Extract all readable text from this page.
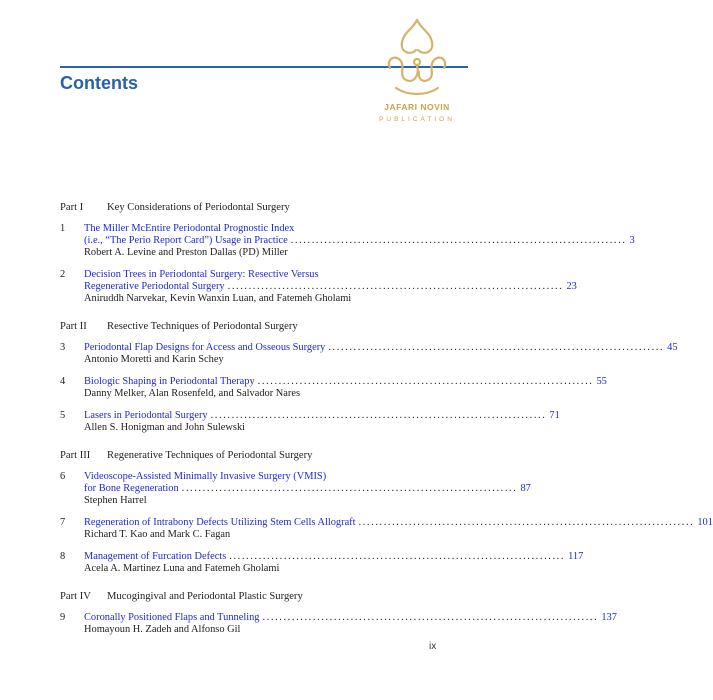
Contents
JAFARI NOVIN
PUBLICATION
Part I Key Considerations of Periodontal Surgery
1 The Miller McEntire Periodontal Prognostic Index
(i.e., “The Perio Report Card”) Usage in Practice ................................................................................ 3
Robert A. Levine and Preston Dallas (PD) Miller
2 Decision Trees in Periodontal Surgery: Resective Versus
Regenerative Periodontal Surgery ................................................................................ 23
Aniruddh Narvekar, Kevin Wanxin Luan, and Fatemeh Gholami
Part II Resective Techniques of Periodontal Surgery
3 Periodontal Flap Designs for Access and Osseous Surgery ................................................................................ 45
Antonio Moretti and Karin Schey
4 Biologic Shaping in Periodontal Therapy ................................................................................ 55
Danny Melker, Alan Rosenfeld, and Salvador Nares
5 Lasers in Periodontal Surgery ................................................................................ 71
Allen S. Honigman and John Sulewski
Part III Regenerative Techniques of Periodontal Surgery
6 Videoscope-Assisted Minimally Invasive Surgery (VMIS)
for Bone Regeneration ................................................................................ 87
Stephen Harrel
7 Regeneration of Intrabony Defects Utilizing Stem Cells Allograft ................................................................................ 101
Richard T. Kao and Mark C. Fagan
8 Management of Furcation Defects ................................................................................ 117
Acela A. Martinez Luna and Fatemeh Gholami
Part IV Mucogingival and Periodontal Plastic Surgery
9 Coronally Positioned Flaps and Tunneling ................................................................................ 137
Homayoun H. Zadeh and Alfonso Gil
ix
